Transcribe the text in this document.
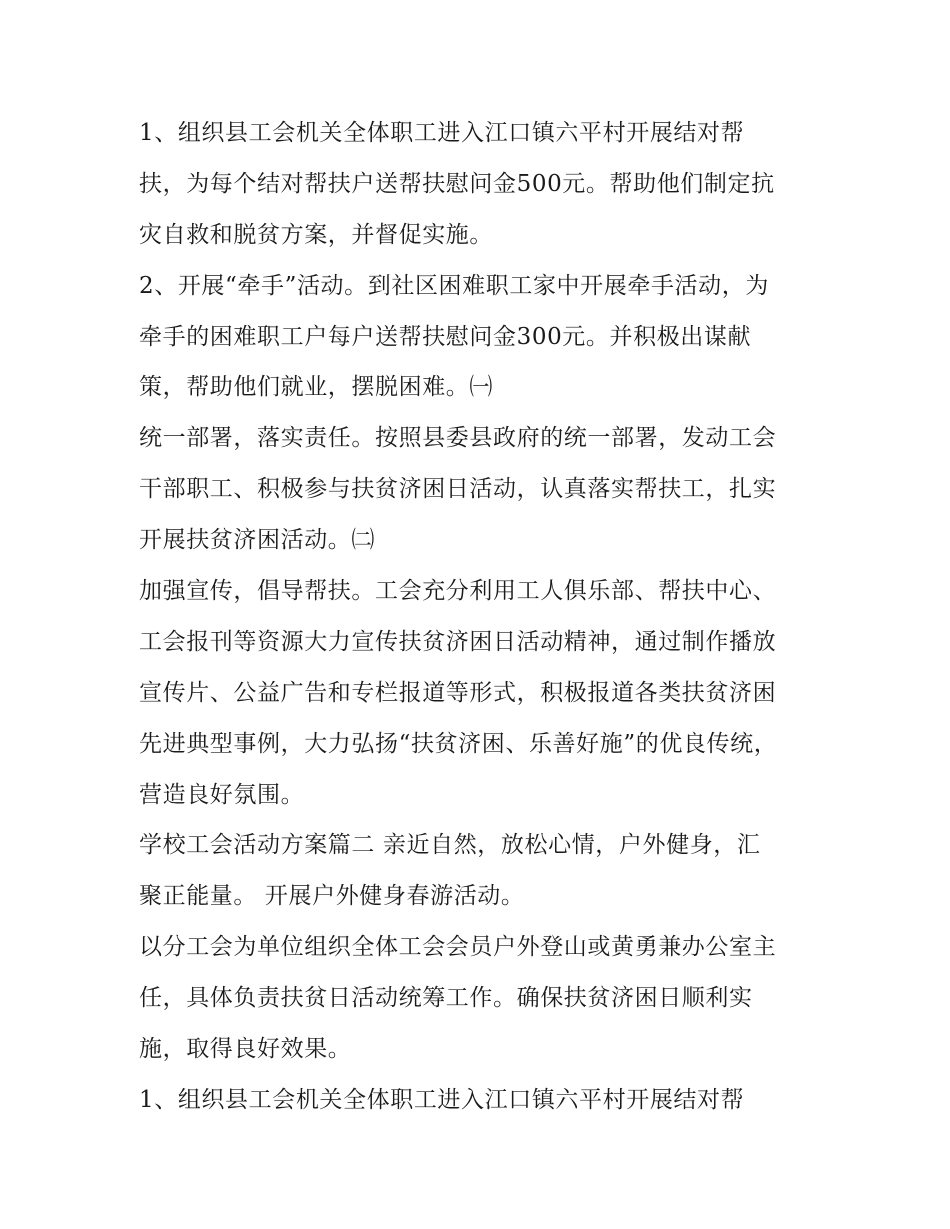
1、组织县工会机关全体职工进入江口镇六平村开展结对帮
扶，为每个结对帮扶户送帮扶慰问金500元。帮助他们制定抗
灾自救和脱贫方案，并督促实施。

2、开展“牵手”活动。到社区困难职工家中开展牵手活动，为
牵手的困难职工户每户送帮扶慰问金300元。并积极出谋献
策，帮助他们就业，摆脱困难。㈠

统一部署，落实责任。按照县委县政府的统一部署，发动工会
干部职工、积极参与扶贫济困日活动，认真落实帮扶工，扎实
开展扶贫济困活动。㈡

加强宣传，倡导帮扶。工会充分利用工人俱乐部、帮扶中心、
工会报刊等资源大力宣传扶贫济困日活动精神，通过制作播放
宣传片、公益广告和专栏报道等形式，积极报道各类扶贫济困
先进典型事例，大力弘扬“扶贫济困、乐善好施”的优良传统，
营造良好氛围。

学校工会活动方案篇二 亲近自然，放松心情，户外健身，汇
聚正能量。 开展户外健身春游活动。

以分工会为单位组织全体工会会员户外登山或黄勇兼办公室主
任，具体负责扶贫日活动统筹工作。确保扶贫济困日顺利实
施，取得良好效果。

1、组织县工会机关全体职工进入江口镇六平村开展结对帮
